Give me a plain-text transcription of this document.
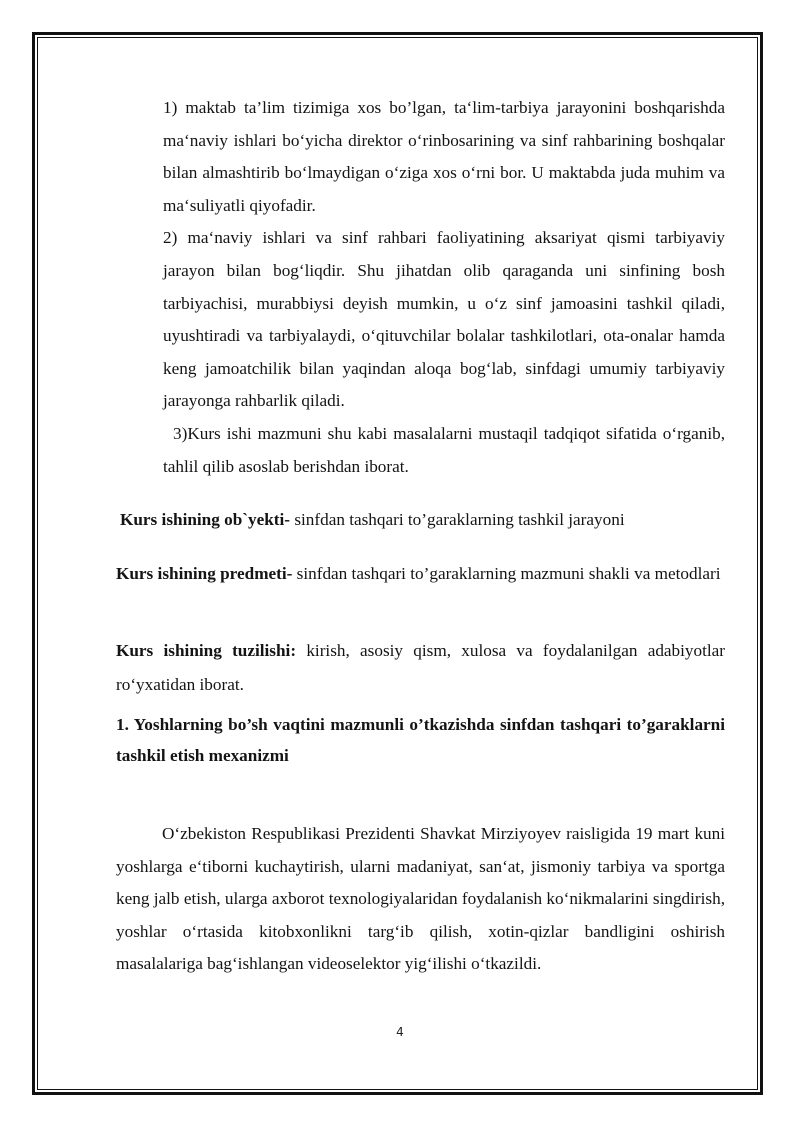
1) maktab ta’lim tizimiga xos bo’lgan, ta‘lim-tarbiya jarayonini boshqarishda ma‘naviy ishlari bo‘yicha direktor o‘rinbosarining va sinf rahbarining boshqalar bilan almashtirib bo‘lmaydigan o‘ziga xos o‘rni bor. U maktabda juda muhim va ma‘suliyatli qiyofadir.

2) ma‘naviy ishlari va sinf rahbari faoliyatining aksariyat qismi tarbiyaviy jarayon bilan bog‘liqdir. Shu jihatdan olib qaraganda uni sinfining bosh tarbiyachisi, murabbiysi deyish mumkin, u o‘z sinf jamoasini tashkil qiladi, uyushtiradi va tarbiyalaydi, o‘qituvchilar bolalar tashkilotlari, ota-onalar hamda keng jamoatchilik bilan yaqindan aloqa bog‘lab, sinfdagi umumiy tarbiyaviy jarayonga rahbarlik qiladi.

3)Kurs ishi mazmuni shu kabi masalalarni mustaqil tadqiqot sifatida o‘rganib, tahlil qilib asoslab berishdan iborat.

Kurs ishining ob`yekti- sinfdan tashqari to’garaklarning tashkil jarayoni

Kurs ishining predmeti- sinfdan tashqari to’garaklarning mazmuni shakli va metodlari

Kurs ishining tuzilishi: kirish, asosiy qism, xulosa va foydalanilgan adabiyotlar ro‘yxatidan iborat.

1. Yoshlarning bo’sh vaqtini mazmunli o’tkazishda sinfdan tashqari to’garaklarni tashkil etish mexanizmi

O‘zbekiston Respublikasi Prezidenti Shavkat Mirziyoyev raisligida 19 mart kuni yoshlarga e‘tiborni kuchaytirish, ularni madaniyat, san‘at, jismoniy tarbiya va sportga keng jalb etish, ularga axborot texnologiyalaridan foydalanish ko‘nikmalarini singdirish, yoshlar o‘rtasida kitobxonlikni targ‘ib qilish, xotin-qizlar bandligini oshirish masalalariga bag‘ishlangan videoselektor yig‘ilishi o‘tkazildi.

4
